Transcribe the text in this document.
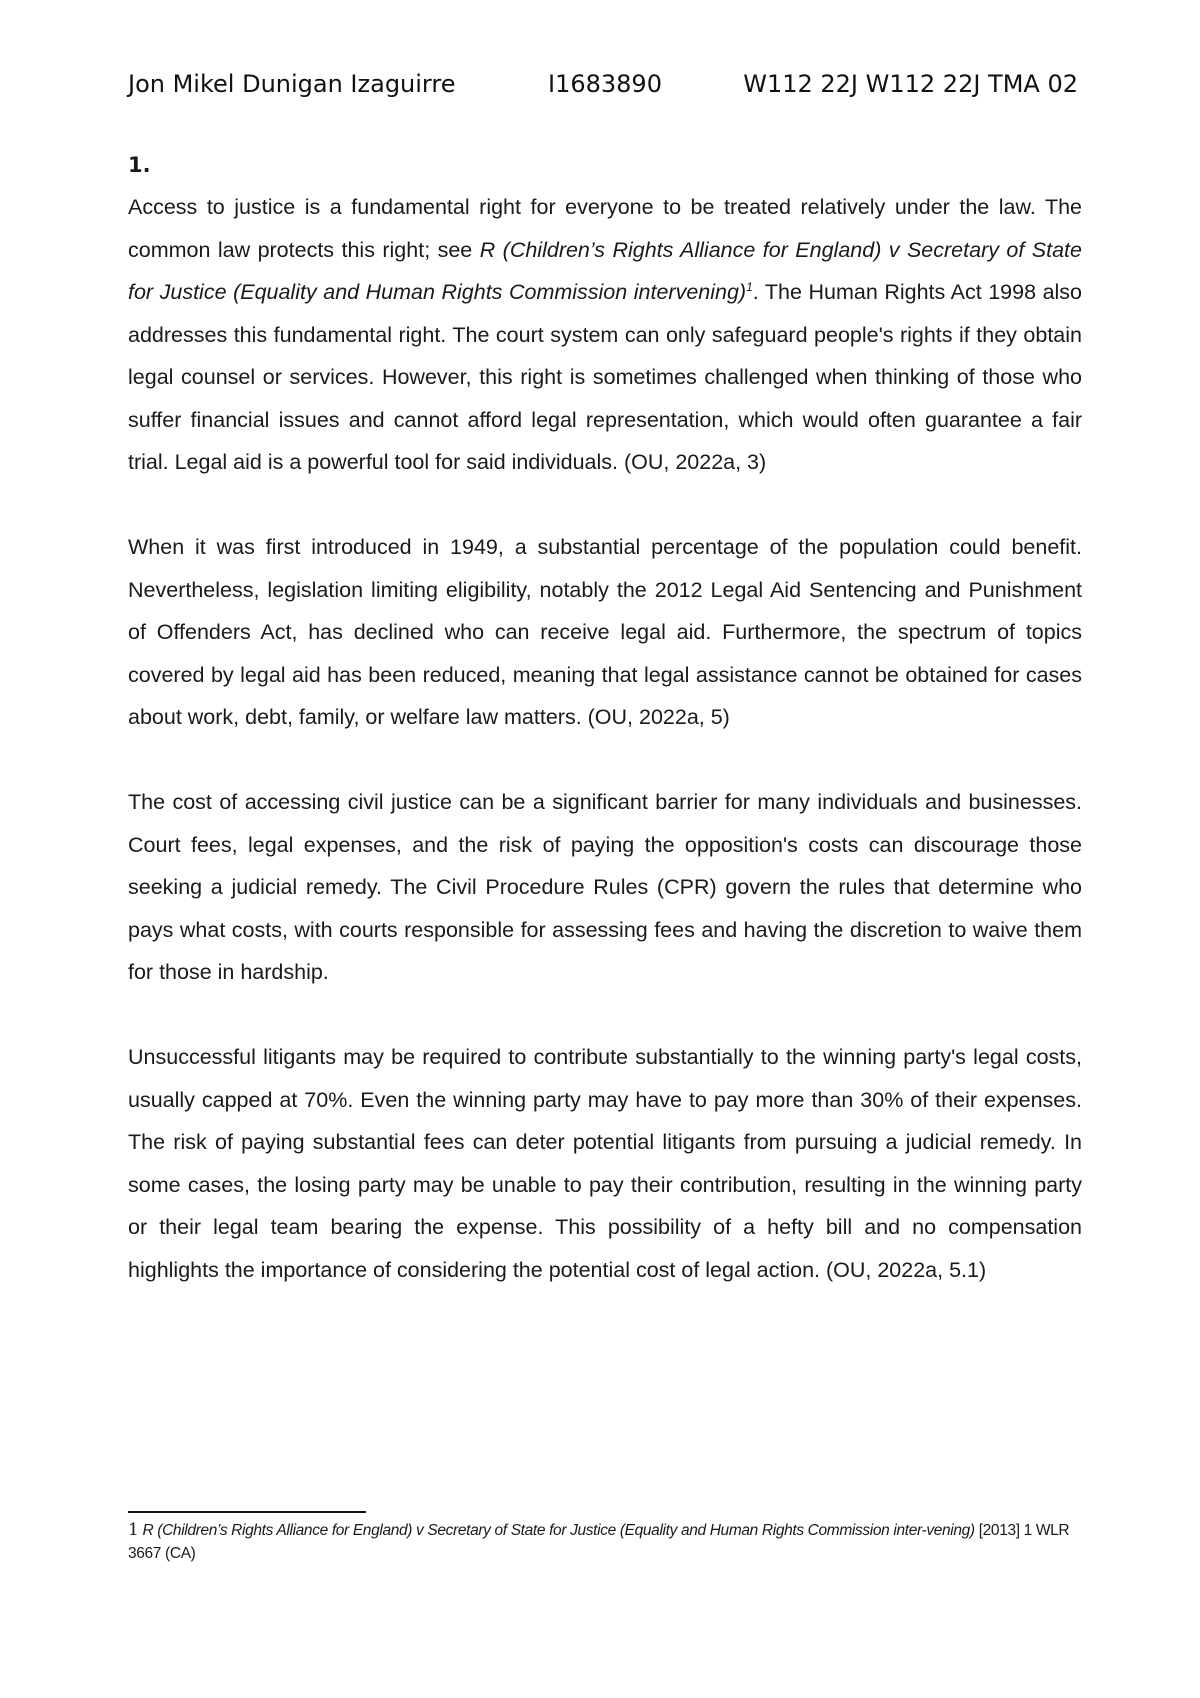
Jon Mikel Dunigan Izaguirre	I1683890	W112 22J W112 22J TMA 02
1.

Access to justice is a fundamental right for everyone to be treated relatively under the law. The common law protects this right; see R (Children’s Rights Alliance for England) v Secretary of State for Justice (Equality and Human Rights Commission intervening)$^1$. The Human Rights Act 1998 also addresses this fundamental right. The court system can only safeguard people's rights if they obtain legal counsel or services. However, this right is sometimes challenged when thinking of those who suffer financial issues and cannot afford legal representation, which would often guarantee a fair trial. Legal aid is a powerful tool for said individuals. (OU, 2022a, 3)

When it was first introduced in 1949, a substantial percentage of the population could benefit. Nevertheless, legislation limiting eligibility, notably the 2012 Legal Aid Sentencing and Punishment of Offenders Act, has declined who can receive legal aid. Furthermore, the spectrum of topics covered by legal aid has been reduced, meaning that legal assistance cannot be obtained for cases about work, debt, family, or welfare law matters. (OU, 2022a, 5)

The cost of accessing civil justice can be a significant barrier for many individuals and businesses. Court fees, legal expenses, and the risk of paying the opposition's costs can discourage those seeking a judicial remedy. The Civil Procedure Rules (CPR) govern the rules that determine who pays what costs, with courts responsible for assessing fees and having the discretion to waive them for those in hardship.

Unsuccessful litigants may be required to contribute substantially to the winning party's legal costs, usually capped at 70%. Even the winning party may have to pay more than 30% of their expenses. The risk of paying substantial fees can deter potential litigants from pursuing a judicial remedy. In some cases, the losing party may be unable to pay their contribution, resulting in the winning party or their legal team bearing the expense. This possibility of a hefty bill and no compensation highlights the importance of considering the potential cost of legal action. (OU, 2022a, 5.1)

1 R (Children’s Rights Alliance for England) v Secretary of State for Justice (Equality and Human Rights Commission inter-vening) [2013] 1 WLR 3667 (CA)
